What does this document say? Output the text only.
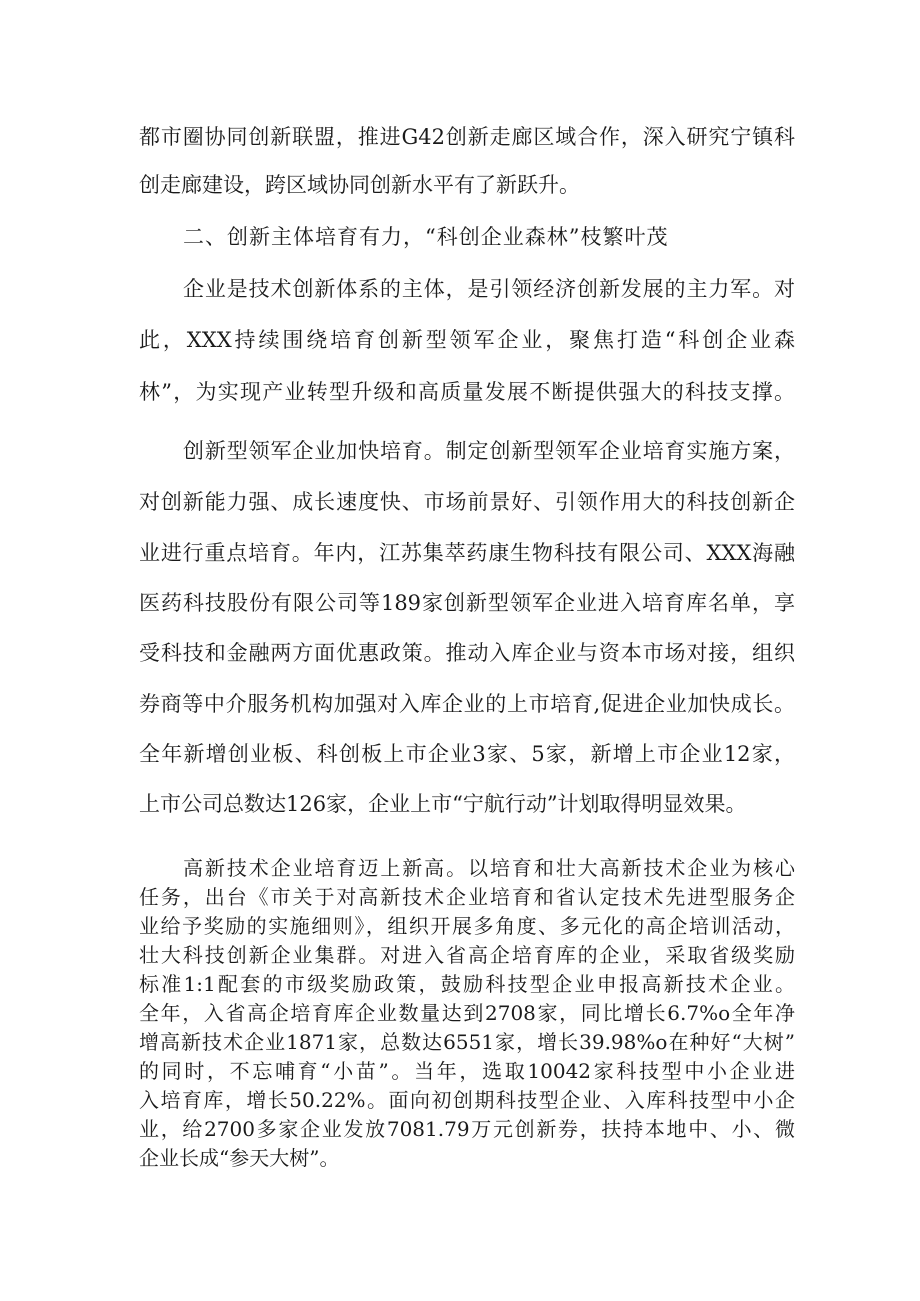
都市圈协同创新联盟，推进G42创新走廊区域合作，深入研究宁镇科
创走廊建设，跨区域协同创新水平有了新跃升。
二、创新主体培育有力，“科创企业森林”枝繁叶茂
企业是技术创新体系的主体，是引领经济创新发展的主力军。对
此，XXX持续围绕培育创新型领军企业，聚焦打造“科创企业森
林”，为实现产业转型升级和高质量发展不断提供强大的科技支撑。
创新型领军企业加快培育。制定创新型领军企业培育实施方案，
对创新能力强、成长速度快、市场前景好、引领作用大的科技创新企
业进行重点培育。年内，江苏集萃药康生物科技有限公司、XXX海融
医药科技股份有限公司等189家创新型领军企业进入培育库名单，享
受科技和金融两方面优惠政策。推动入库企业与资本市场对接，组织
券商等中介服务机构加强对入库企业的上市培育,促进企业加快成长。
全年新增创业板、科创板上市企业3家、5家，新增上市企业12家，
上市公司总数达126家，企业上市“宁航行动”计划取得明显效果。
高新技术企业培育迈上新高。以培育和壮大高新技术企业为核心
任务，出台《市关于对高新技术企业培育和省认定技术先进型服务企
业给予奖励的实施细则》，组织开展多角度、多元化的高企培训活动，
壮大科技创新企业集群。对进入省高企培育库的企业，采取省级奖励
标准1:1配套的市级奖励政策，鼓励科技型企业申报高新技术企业。
全年，入省高企培育库企业数量达到2708家，同比增长6.7%o全年净
增高新技术企业1871家，总数达6551家，增长39.98%o在种好“大树”
的同时，不忘哺育“小苗”。当年，选取10042家科技型中小企业进
入培育库，增长50.22%。面向初创期科技型企业、入库科技型中小企
业，给2700多家企业发放7081.79万元创新券，扶持本地中、小、微
企业长成“参天大树”。
